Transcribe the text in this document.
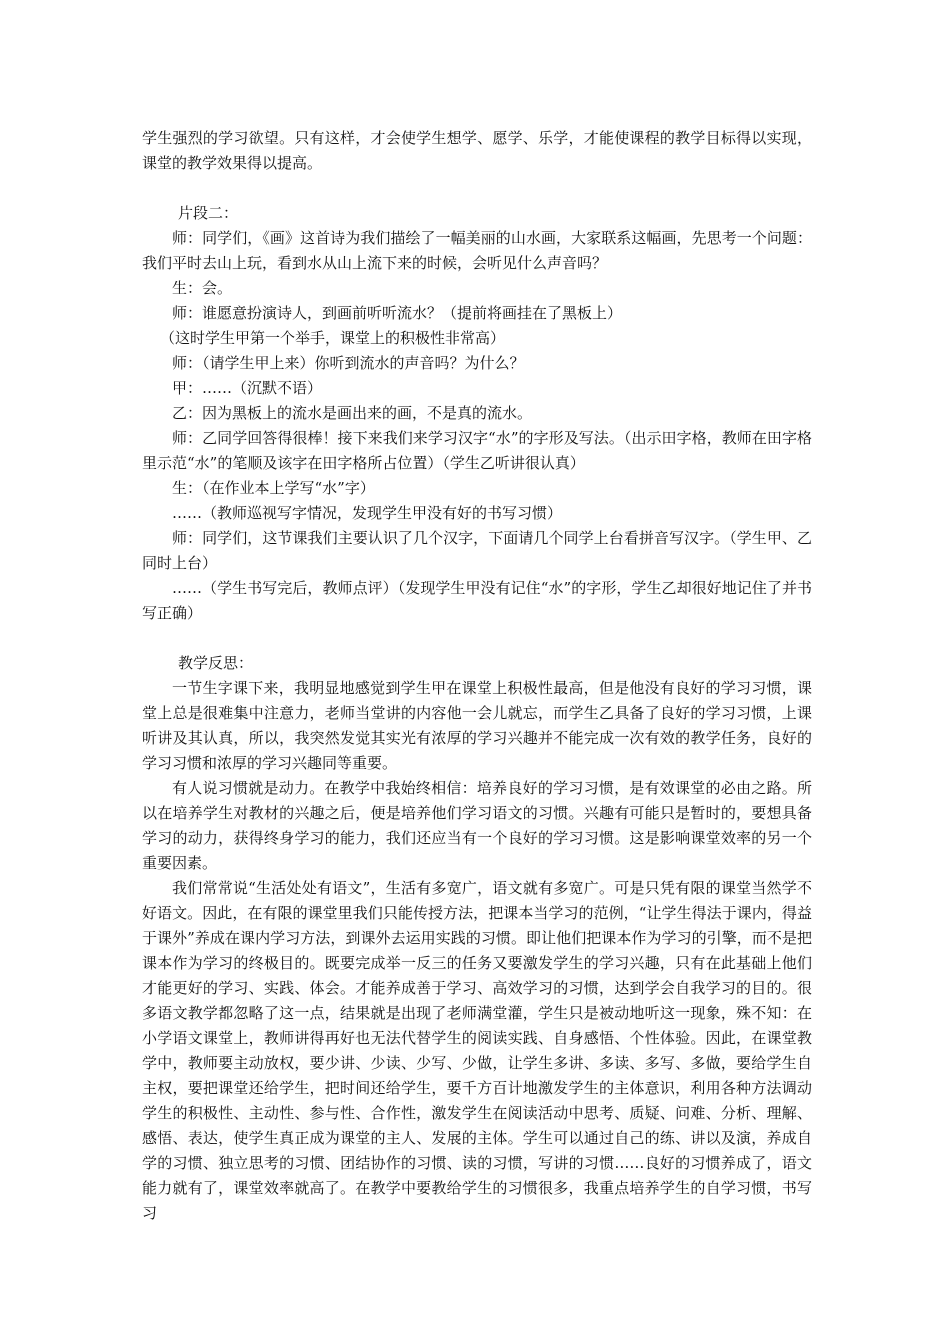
学生强烈的学习欲望。只有这样，才会使学生想学、愿学、乐学，才能使课程的教学目标得以实现，课堂的教学效果得以提高。

片段二：

师：同学们，《画》这首诗为我们描绘了一幅美丽的山水画，大家联系这幅画，先思考一个问题：我们平时去山上玩，看到水从山上流下来的时候，会听见什么声音吗？

生：会。

师：谁愿意扮演诗人，到画前听听流水？（提前将画挂在了黑板上）

（这时学生甲第一个举手，课堂上的积极性非常高）

师：（请学生甲上来）你听到流水的声音吗？为什么？

甲：……（沉默不语）

乙：因为黑板上的流水是画出来的画，不是真的流水。

师：乙同学回答得很棒！接下来我们来学习汉字“水”的字形及写法。（出示田字格，教师在田字格里示范“水”的笔顺及该字在田字格所占位置）（学生乙听讲很认真）

生：（在作业本上学写“水”字）

……（教师巡视写字情况，发现学生甲没有好的书写习惯）

师：同学们，这节课我们主要认识了几个汉字，下面请几个同学上台看拼音写汉字。（学生甲、乙同时上台）

……（学生书写完后，教师点评）（发现学生甲没有记住“水”的字形，学生乙却很好地记住了并书写正确）

教学反思：

一节生字课下来，我明显地感觉到学生甲在课堂上积极性最高，但是他没有良好的学习习惯，课堂上总是很难集中注意力，老师当堂讲的内容他一会儿就忘，而学生乙具备了良好的学习习惯，上课听讲及其认真，所以，我突然发觉其实光有浓厚的学习兴趣并不能完成一次有效的教学任务，良好的学习习惯和浓厚的学习兴趣同等重要。

有人说习惯就是动力。在教学中我始终相信：培养良好的学习习惯，是有效课堂的必由之路。所以在培养学生对教材的兴趣之后，便是培养他们学习语文的习惯。兴趣有可能只是暂时的，要想具备学习的动力，获得终身学习的能力，我们还应当有一个良好的学习习惯。这是影响课堂效率的另一个重要因素。

我们常常说“生活处处有语文”，生活有多宽广，语文就有多宽广。可是只凭有限的课堂当然学不好语文。因此，在有限的课堂里我们只能传授方法，把课本当学习的范例，“让学生得法于课内，得益于课外”养成在课内学习方法，到课外去运用实践的习惯。即让他们把课本作为学习的引擎，而不是把课本作为学习的终极目的。既要完成举一反三的任务又要激发学生的学习兴趣，只有在此基础上他们才能更好的学习、实践、体会。才能养成善于学习、高效学习的习惯，达到学会自我学习的目的。很多语文教学都忽略了这一点，结果就是出现了老师满堂灌，学生只是被动地听这一现象，殊不知：在小学语文课堂上，教师讲得再好也无法代替学生的阅读实践、自身感悟、个性体验。因此，在课堂教学中，教师要主动放权，要少讲、少读、少写、少做，让学生多讲、多读、多写、多做，要给学生自主权，要把课堂还给学生，把时间还给学生，要千方百计地激发学生的主体意识，利用各种方法调动学生的积极性、主动性、参与性、合作性，激发学生在阅读活动中思考、质疑、问难、分析、理解、感悟、表达，使学生真正成为课堂的主人、发展的主体。学生可以通过自己的练、讲以及演，养成自学的习惯、独立思考的习惯、团结协作的习惯、读的习惯，写讲的习惯……良好的习惯养成了，语文能力就有了，课堂效率就高了。在教学中要教给学生的习惯很多，我重点培养学生的自学习惯，书写习
